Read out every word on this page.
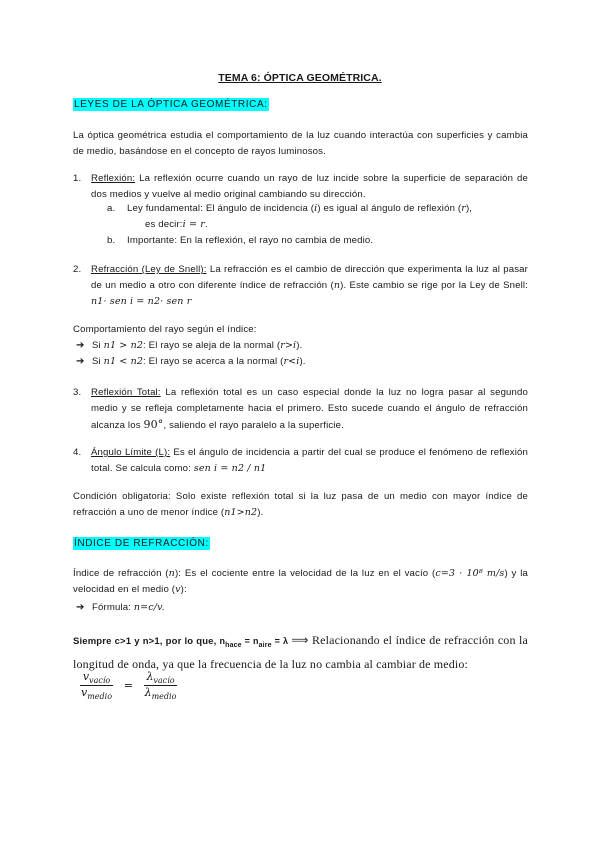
TEMA 6: ÓPTICA GEOMÉTRICA.
LEYES DE LA ÓPTICA GEOMÉTRICA:
La óptica geométrica estudia el comportamiento de la luz cuando interactúa con superficies y cambia de medio, basándose en el concepto de rayos luminosos.
1. Reflexión: La reflexión ocurre cuando un rayo de luz incide sobre la superficie de separación de dos medios y vuelve al medio original cambiando su dirección.
a. Ley fundamental: El ángulo de incidencia (i) es igual al ángulo de reflexión (r),
es decir:i = r.
b. Importante: En la reflexión, el rayo no cambia de medio.
2. Refracción (Ley de Snell): La refracción es el cambio de dirección que experimenta la luz al pasar de un medio a otro con diferente índice de refracción (n). Este cambio se rige por la Ley de Snell: n1· sen i = n2· sen r
Comportamiento del rayo según el índice:
➔ Si n1 > n2: El rayo se aleja de la normal (r>i).
➔ Si n1 < n2: El rayo se acerca a la normal (r<i).
3. Reflexión Total: La reflexión total es un caso especial donde la luz no logra pasar al segundo medio y se refleja completamente hacia el primero. Esto sucede cuando el ángulo de refracción alcanza los 90°, saliendo el rayo paralelo a la superficie.
4. Ángulo Límite (L): Es el ángulo de incidencia a partir del cual se produce el fenómeno de reflexión total. Se calcula como: sen i = n2 / n1
Condición obligatoria: Solo existe reflexión total si la luz pasa de un medio con mayor índice de refracción a uno de menor índice (n1>n2).
ÍNDICE DE REFRACCIÓN:
Índice de refracción (n): Es el cociente entre la velocidad de la luz en el vacío (c=3 · 10⁸ m/s) y la velocidad en el medio (v):
➔ Fórmula: n=c/v.
Siempre c>1 y n>1, por lo que, $n_{hace} = n_{aire} = \lambda$ ⟹ Relacionando el índice de refracción con la longitud de onda, ya que la frecuencia de la luz no cambia al cambiar de medio:
$\frac{v_{vacío}}{v_{medio}} = \frac{\lambda_{vacío}}{\lambda_{medio}}$
